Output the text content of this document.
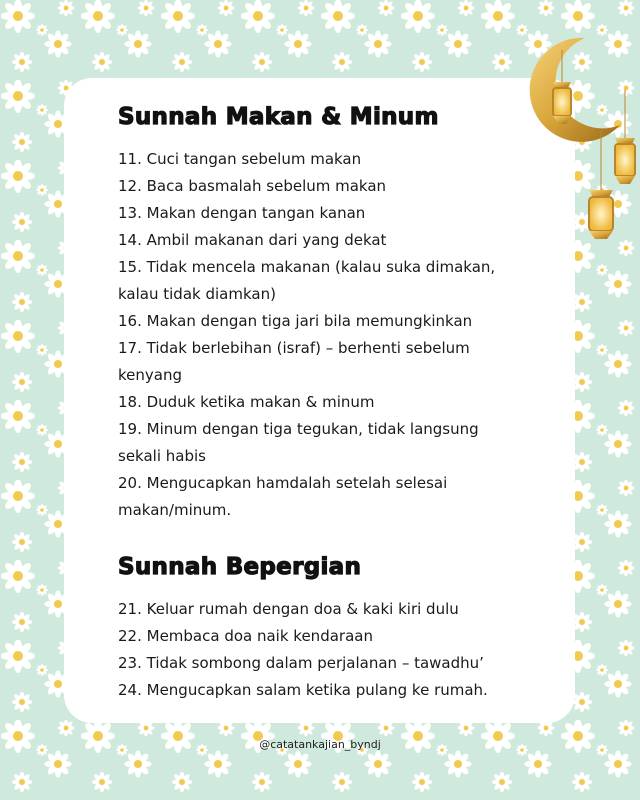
Sunnah Makan & Minum
11. Cuci tangan sebelum makan
12. Baca basmalah sebelum makan
13. Makan dengan tangan kanan
14. Ambil makanan dari yang dekat
15. Tidak mencela makanan (kalau suka dimakan, kalau tidak diamkan)
16. Makan dengan tiga jari bila memungkinkan
17. Tidak berlebihan (israf) – berhenti sebelum kenyang
18. Duduk ketika makan & minum
19. Minum dengan tiga tegukan, tidak langsung sekali habis
20. Mengucapkan hamdalah setelah selesai makan/minum.
Sunnah Bepergian
21. Keluar rumah dengan doa & kaki kiri dulu
22. Membaca doa naik kendaraan
23. Tidak sombong dalam perjalanan – tawadhu’
24. Mengucapkan salam ketika pulang ke rumah.
@catatankajian_byndj
